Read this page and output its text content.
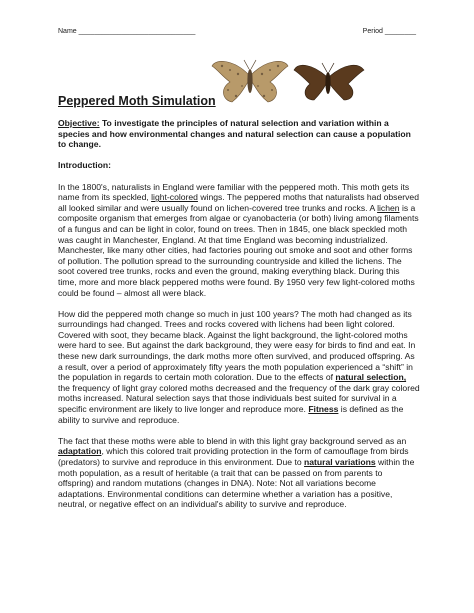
Name ______________________________	Period ________
Peppered Moth Simulation

Objective: To investigate the principles of natural selection and variation within a species and how environmental changes and natural selection can cause a population to change.

Introduction:

In the 1800's, naturalists in England were familiar with the peppered moth. This moth gets its name from its speckled, light-colored wings. The peppered moths that naturalists had observed all looked similar and were usually found on lichen-covered tree trunks and rocks. A lichen is a composite organism that emerges from algae or cyanobacteria (or both) living among filaments of a fungus and can be light in color, found on trees. Then in 1845, one black speckled moth was caught in Manchester, England. At that time England was becoming industrialized. Manchester, like many other cities, had factories pouring out smoke and soot and other forms of pollution. The pollution spread to the surrounding countryside and killed the lichens. The soot covered tree trunks, rocks and even the ground, making everything black. During this time, more and more black peppered moths were found. By 1950 very few light-colored moths could be found – almost all were black.

How did the peppered moth change so much in just 100 years? The moth had changed as its surroundings had changed. Trees and rocks covered with lichens had been light colored. Covered with soot, they became black. Against the light background, the light-colored moths were hard to see. But against the dark background, they were easy for birds to find and eat. In these new dark surroundings, the dark moths more often survived, and produced offspring. As a result, over a period of approximately fifty years the moth population experienced a “shift” in the population in regards to certain moth coloration. Due to the effects of natural selection, the frequency of light gray colored moths decreased and the frequency of the dark gray colored moths increased. Natural selection says that those individuals best suited for survival in a specific environment are likely to live longer and reproduce more. Fitness is defined as the ability to survive and reproduce.

The fact that these moths were able to blend in with this light gray background served as an adaptation, which this colored trait providing protection in the form of camouflage from birds (predators) to survive and reproduce in this environment. Due to natural variations within the moth population, as a result of heritable (a trait that can be passed on from parents to offspring) and random mutations (changes in DNA). Note: Not all variations become adaptations. Environmental conditions can determine whether a variation has a positive, neutral, or negative effect on an individual's ability to survive and reproduce.
